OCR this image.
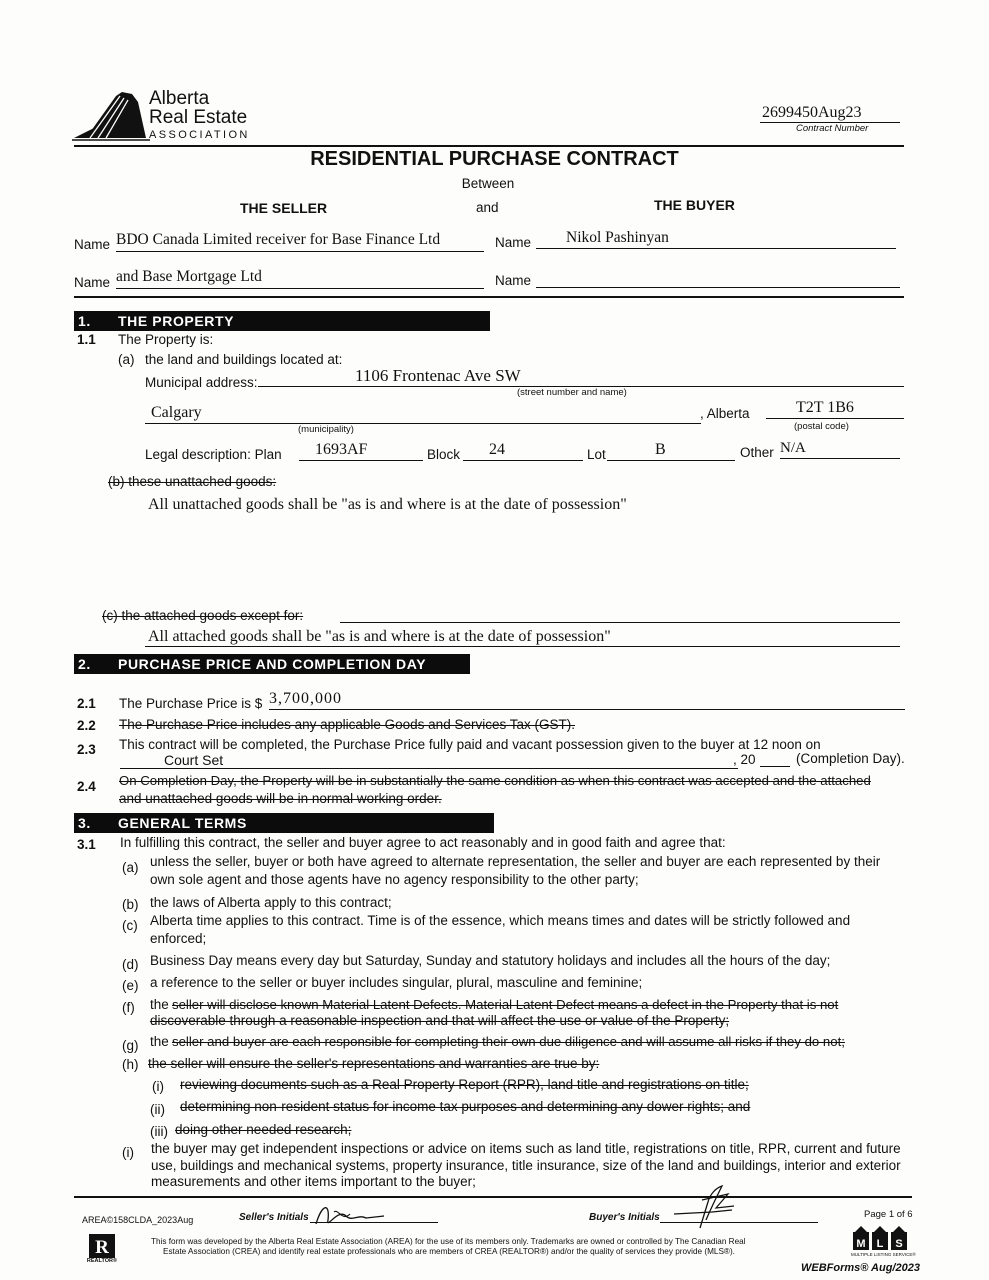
Alberta
Real Estate
ASSOCIATION
2699450Aug23
Contract Number
RESIDENTIAL PURCHASE CONTRACT
Between
THE SELLER	and	THE BUYER
Name BDO Canada Limited receiver for Base Finance Ltd	Name	Nikol Pashinyan
Name and Base Mortgage Ltd	Name
1. THE PROPERTY
1.1 The Property is:
(a) the land and buildings located at:
Municipal address:	1106 Frontenac Ave SW
(street number and name)
Calgary
(municipality)
, Alberta	T2T 1B6
(postal code)
Legal description: Plan	1693AF	Block	24	Lot	B	Other N/A
(b) these unattached goods:
All unattached goods shall be "as is and where is at the date of possession"
(c) the attached goods except for:
All attached goods shall be "as is and where is at the date of possession"
2. PURCHASE PRICE AND COMPLETION DAY
2.1 The Purchase Price is $ 3,700,000
2.2 The Purchase Price includes any applicable Goods and Services Tax (GST).
2.3 This contract will be completed, the Purchase Price fully paid and vacant possession given to the buyer at 12 noon on
Court Set	, 20	(Completion Day).
2.4 On Completion Day, the Property will be in substantially the same condition as when this contract was accepted and the attached
and unattached goods will be in normal working order.
3. GENERAL TERMS
3.1 In fulfilling this contract, the seller and buyer agree to act reasonably and in good faith and agree that:
(a) unless the seller, buyer or both have agreed to alternate representation, the seller and buyer are each represented by their
own sole agent and those agents have no agency responsibility to the other party;
(b) the laws of Alberta apply to this contract;
(c) Alberta time applies to this contract. Time is of the essence, which means times and dates will be strictly followed and
enforced;
(d) Business Day means every day but Saturday, Sunday and statutory holidays and includes all the hours of the day;
(e) a reference to the seller or buyer includes singular, plural, masculine and feminine;
(f) the seller will disclose known Material Latent Defects. Material Latent Defect means a defect in the Property that is not
discoverable through a reasonable inspection and that will affect the use or value of the Property;
(g) the seller and buyer are each responsible for completing their own due diligence and will assume all risks if they do not;
(h) the seller will ensure the seller's representations and warranties are true by:
(i) reviewing documents such as a Real Property Report (RPR), land title and registrations on title;
(ii) determining non-resident status for income tax purposes and determining any dower rights; and
(iii) doing other needed research;
(i) the buyer may get independent inspections or advice on items such as land title, registrations on title, RPR, current and future
use, buildings and mechanical systems, property insurance, title insurance, size of the land and buildings, interior and exterior
measurements and other items important to the buyer;
AREA©158CLDA_2023Aug	Seller's Initials	Buyer's Initials	Page 1 of 6
R
REALTOR®
This form was developed by the Alberta Real Estate Association (AREA) for the use of its members only. Trademarks are owned or controlled by The Canadian Real
Estate Association (CREA) and identify real estate professionals who are members of CREA (REALTOR®) and/or the quality of services they provide (MLS®).
M L S
MULTIPLE LISTING SERVICE®
WEBForms® Aug/2023
